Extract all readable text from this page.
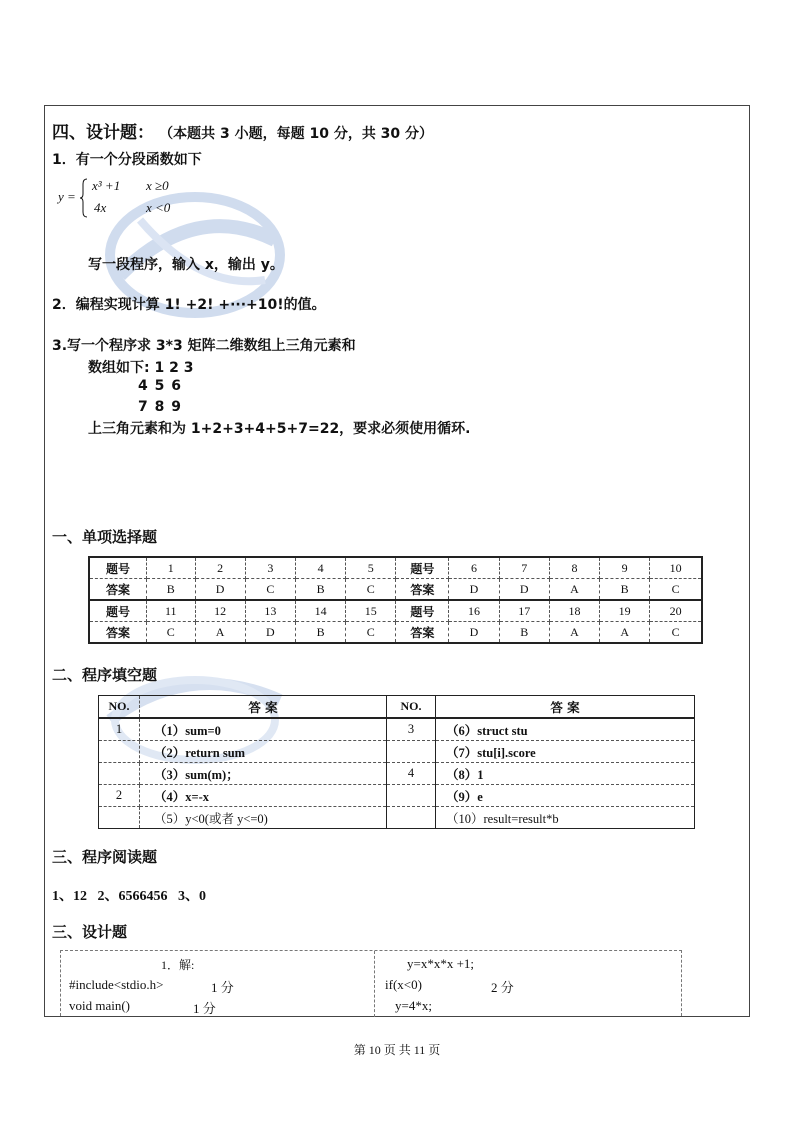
四、设计题： （本题共 3 小题，每题 10 分，共 30 分）
1．有一个分段函数如下
y =
x³ +1 x ≥0
4x	x <0
写一段程序，输入 x，输出 y。
2．编程实现计算 1! +2! +···+10!的值。
3.写一个程序求 3*3 矩阵二维数组上三角元素和
数组如下: 1 2 3
4 5 6
7 8 9
上三角元素和为 1+2+3+4+5+7=22，要求必须使用循环.
一、单项选择题
题号	1	2	3	4	5	题号	6	7	8	9	10
答案	B	D	C	B	C	答案	D	D	A	B	C
题号	11	12	13	14	15	题号	16	17	18	19	20
答案	C	A	D	B	C	答案	D	B	A	A	C
二、程序填空题
NO.	答 案	NO.	答 案
1	（1）sum=0	3	（6）struct stu
	（2）return sum		（7）stu[i].score
	（3）sum(m)；	4	（8）1
2	（4）x=-x		（9）e
	（5）y<0(或者 y<=0)		（10）result=result*b
三、程序阅读题
1、12   2、6566456   3、0
三、设计题
1．解:
#include<stdio.h>	1 分
void main()	1 分
y=x*x*x +1;
if(x<0)	2 分
y=4*x;
第 10 页 共 11 页
